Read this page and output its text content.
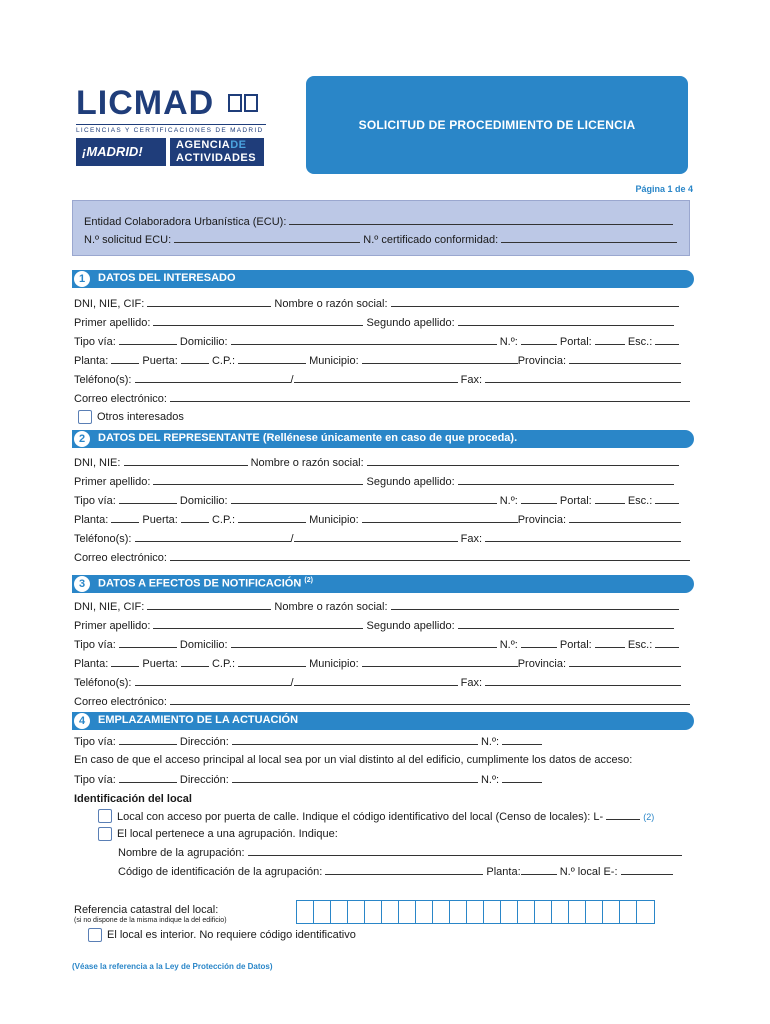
LICMAD
LICENCIAS Y CERTIFICACIONES DE MADRID
¡MADRID!	AGENCIADE
ACTIVIDADES
SOLICITUD DE PROCEDIMIENTO DE LICENCIA
Página 1 de 4
Entidad Colaboradora Urbanística (ECU):
N.º solicitud ECU:	N.º certificado conformidad:
1	DATOS DEL INTERESADO
DNI, NIE, CIF:	Nombre o razón social:
Primer apellido:	Segundo apellido:
Tipo vía:	Domicilio:	N.º:	Portal:	Esc.:
Planta:	Puerta:	C.P.:	Municipio:	Provincia:
Teléfono(s):	/	Fax:
Correo electrónico:
Otros interesados
2	DATOS DEL REPRESENTANTE (Rellénese únicamente en caso de que proceda).
DNI, NIE:	Nombre o razón social:
Primer apellido:	Segundo apellido:
Tipo vía:	Domicilio:	N.º:	Portal:	Esc.:
Planta:	Puerta:	C.P.:	Municipio:	Provincia:
Teléfono(s):	/	Fax:
Correo electrónico:
3	DATOS A EFECTOS DE NOTIFICACIÓN $^{(2)}$
DNI, NIE, CIF:	Nombre o razón social:
Primer apellido:	Segundo apellido:
Tipo vía:	Domicilio:	N.º:	Portal:	Esc.:
Planta:	Puerta:	C.P.:	Municipio:	Provincia:
Teléfono(s):	/	Fax:
Correo electrónico:
4	EMPLAZAMIENTO DE LA ACTUACIÓN
Tipo vía:	Dirección:	N.º:
En caso de que el acceso principal al local sea por un vial distinto al del edificio, cumplimente los datos de acceso:
Tipo vía:	Dirección:	N.º:
Identificación del local
Local con acceso por puerta de calle. Indique el código identificativo del local (Censo de locales): L-	(2)
El local pertenece a una agrupación. Indique:
Nombre de la agrupación:
Código de identificación de la agrupación:	Planta:	N.º local E-:
Referencia catastral del local:
(si no dispone de la misma indique la del edificio)
El local es interior. No requiere código identificativo
(Véase la referencia a la Ley de Protección de Datos)
